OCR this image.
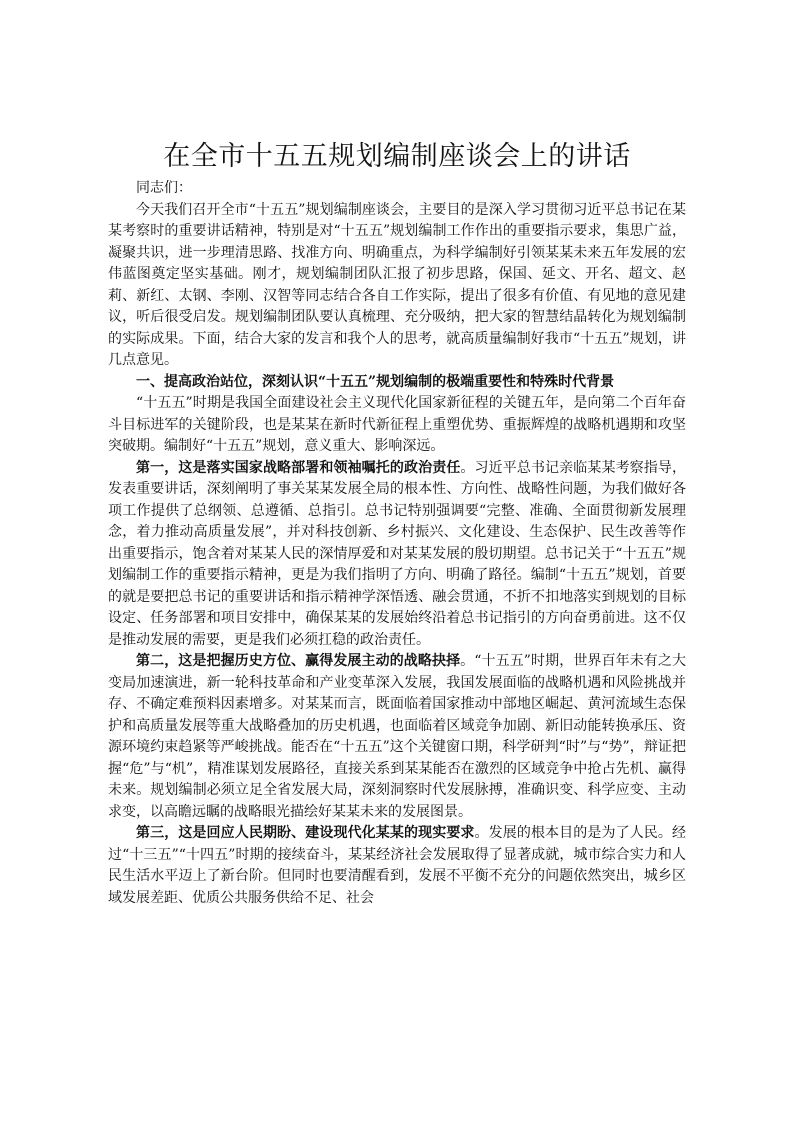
在全市十五五规划编制座谈会上的讲话

同志们：

今天我们召开全市“十五五”规划编制座谈会，主要目的是深入学习贯彻习近平总书记在某某考察时的重要讲话精神，特别是对“十五五”规划编制工作作出的重要指示要求，集思广益，凝聚共识，进一步理清思路、找准方向、明确重点，为科学编制好引领某某未来五年发展的宏伟蓝图奠定坚实基础。刚才，规划编制团队汇报了初步思路，保国、延文、开名、超文、赵莉、新红、太钢、李刚、汉智等同志结合各自工作实际，提出了很多有价值、有见地的意见建议，听后很受启发。规划编制团队要认真梳理、充分吸纳，把大家的智慧结晶转化为规划编制的实际成果。下面，结合大家的发言和我个人的思考，就高质量编制好我市“十五五”规划，讲几点意见。

一、提高政治站位，深刻认识“十五五”规划编制的极端重要性和特殊时代背景

“十五五”时期是我国全面建设社会主义现代化国家新征程的关键五年，是向第二个百年奋斗目标进军的关键阶段，也是某某在新时代新征程上重塑优势、重振辉煌的战略机遇期和攻坚突破期。编制好“十五五”规划，意义重大、影响深远。

第一，这是落实国家战略部署和领袖嘱托的政治责任。习近平总书记亲临某某考察指导，发表重要讲话，深刻阐明了事关某某发展全局的根本性、方向性、战略性问题，为我们做好各项工作提供了总纲领、总遵循、总指引。总书记特别强调要“完整、准确、全面贯彻新发展理念，着力推动高质量发展”，并对科技创新、乡村振兴、文化建设、生态保护、民生改善等作出重要指示，饱含着对某某人民的深情厚爱和对某某发展的殷切期望。总书记关于“十五五”规划编制工作的重要指示精神，更是为我们指明了方向、明确了路径。编制“十五五”规划，首要的就是要把总书记的重要讲话和指示精神学深悟透、融会贯通，不折不扣地落实到规划的目标设定、任务部署和项目安排中，确保某某的发展始终沿着总书记指引的方向奋勇前进。这不仅是推动发展的需要，更是我们必须扛稳的政治责任。

第二，这是把握历史方位、赢得发展主动的战略抉择。“十五五”时期，世界百年未有之大变局加速演进，新一轮科技革命和产业变革深入发展，我国发展面临的战略机遇和风险挑战并存、不确定难预料因素增多。对某某而言，既面临着国家推动中部地区崛起、黄河流域生态保护和高质量发展等重大战略叠加的历史机遇，也面临着区域竞争加剧、新旧动能转换承压、资源环境约束趋紧等严峻挑战。能否在“十五五”这个关键窗口期，科学研判“时”与“势”，辩证把握“危”与“机”，精准谋划发展路径，直接关系到某某能否在激烈的区域竞争中抢占先机、赢得未来。规划编制必须立足全省发展大局，深刻洞察时代发展脉搏，准确识变、科学应变、主动求变，以高瞻远瞩的战略眼光描绘好某某未来的发展图景。

第三，这是回应人民期盼、建设现代化某某的现实要求。发展的根本目的是为了人民。经过“十三五”“十四五”时期的接续奋斗，某某经济社会发展取得了显著成就，城市综合实力和人民生活水平迈上了新台阶。但同时也要清醒看到，发展不平衡不充分的问题依然突出，城乡区域发展差距、优质公共服务供给不足、社会
